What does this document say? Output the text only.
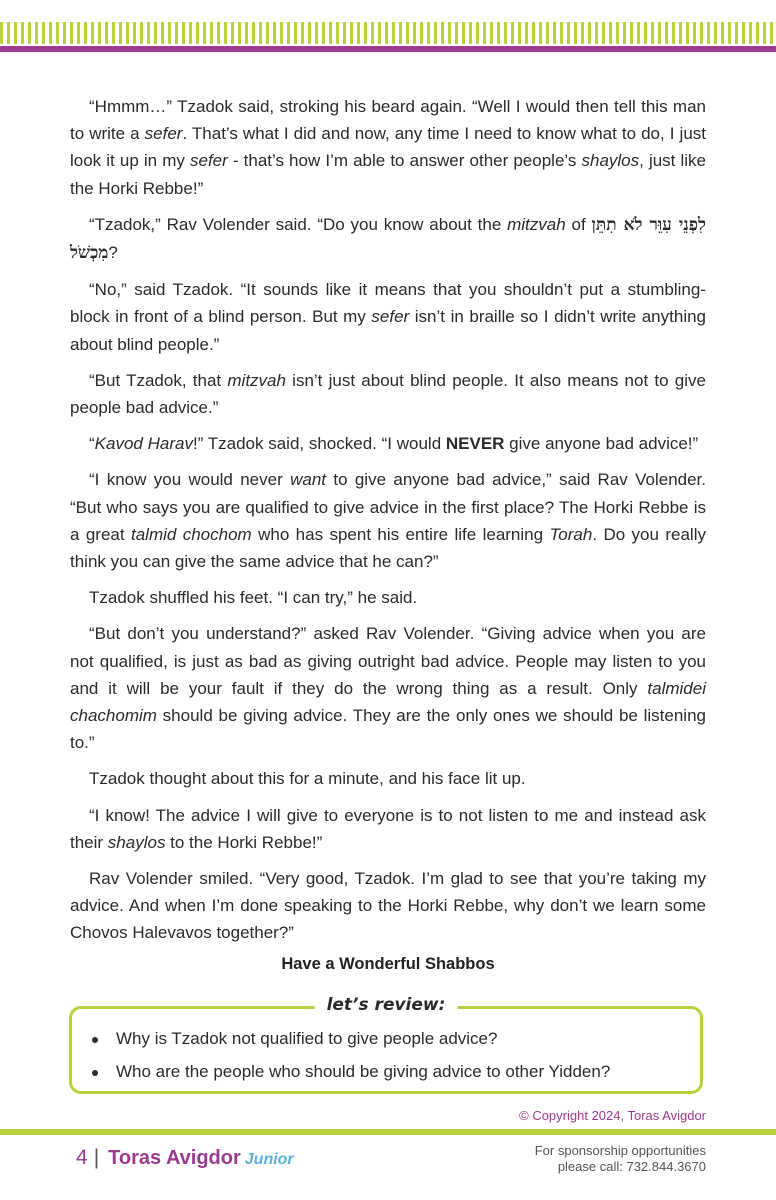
“Hmmm…” Tzadok said, stroking his beard again. “Well I would then tell this man to write a sefer. That’s what I did and now, any time I need to know what to do, I just look it up in my sefer - that’s how I’m able to answer other people’s shaylos, just like the Horki Rebbe!”

“Tzadok,” Rav Volender said. “Do you know about the mitzvah of לִפְנֵי עִוֵּר לֹא תִתֵּן מִכְשֹׁל?

“No,” said Tzadok. “It sounds like it means that you shouldn’t put a stumbling-block in front of a blind person. But my sefer isn’t in braille so I didn’t write anything about blind people.”

“But Tzadok, that mitzvah isn’t just about blind people. It also means not to give people bad advice.”

“Kavod Harav!” Tzadok said, shocked. “I would NEVER give anyone bad advice!”

“I know you would never want to give anyone bad advice,” said Rav Volender. “But who says you are qualified to give advice in the first place? The Horki Rebbe is a great talmid chochom who has spent his entire life learning Torah. Do you really think you can give the same advice that he can?”

Tzadok shuffled his feet. “I can try,” he said.

“But don’t you understand?” asked Rav Volender. “Giving advice when you are not qualified, is just as bad as giving outright bad advice. People may listen to you and it will be your fault if they do the wrong thing as a result. Only talmidei chachomim should be giving advice. They are the only ones we should be listening to.”

Tzadok thought about this for a minute, and his face lit up.

“I know! The advice I will give to everyone is to not listen to me and instead ask their shaylos to the Horki Rebbe!”

Rav Volender smiled. “Very good, Tzadok. I’m glad to see that you’re taking my advice. And when I’m done speaking to the Horki Rebbe, why don’t we learn some Chovos Halevavos together?”

Have a Wonderful Shabbos
let’s review:
Why is Tzadok not qualified to give people advice?
Who are the people who should be giving advice to other Yidden?
© Copyright 2024, Toras Avigdor
4 | Toras Avigdor Junior
For sponsorship opportunities
please call: 732.844.3670
